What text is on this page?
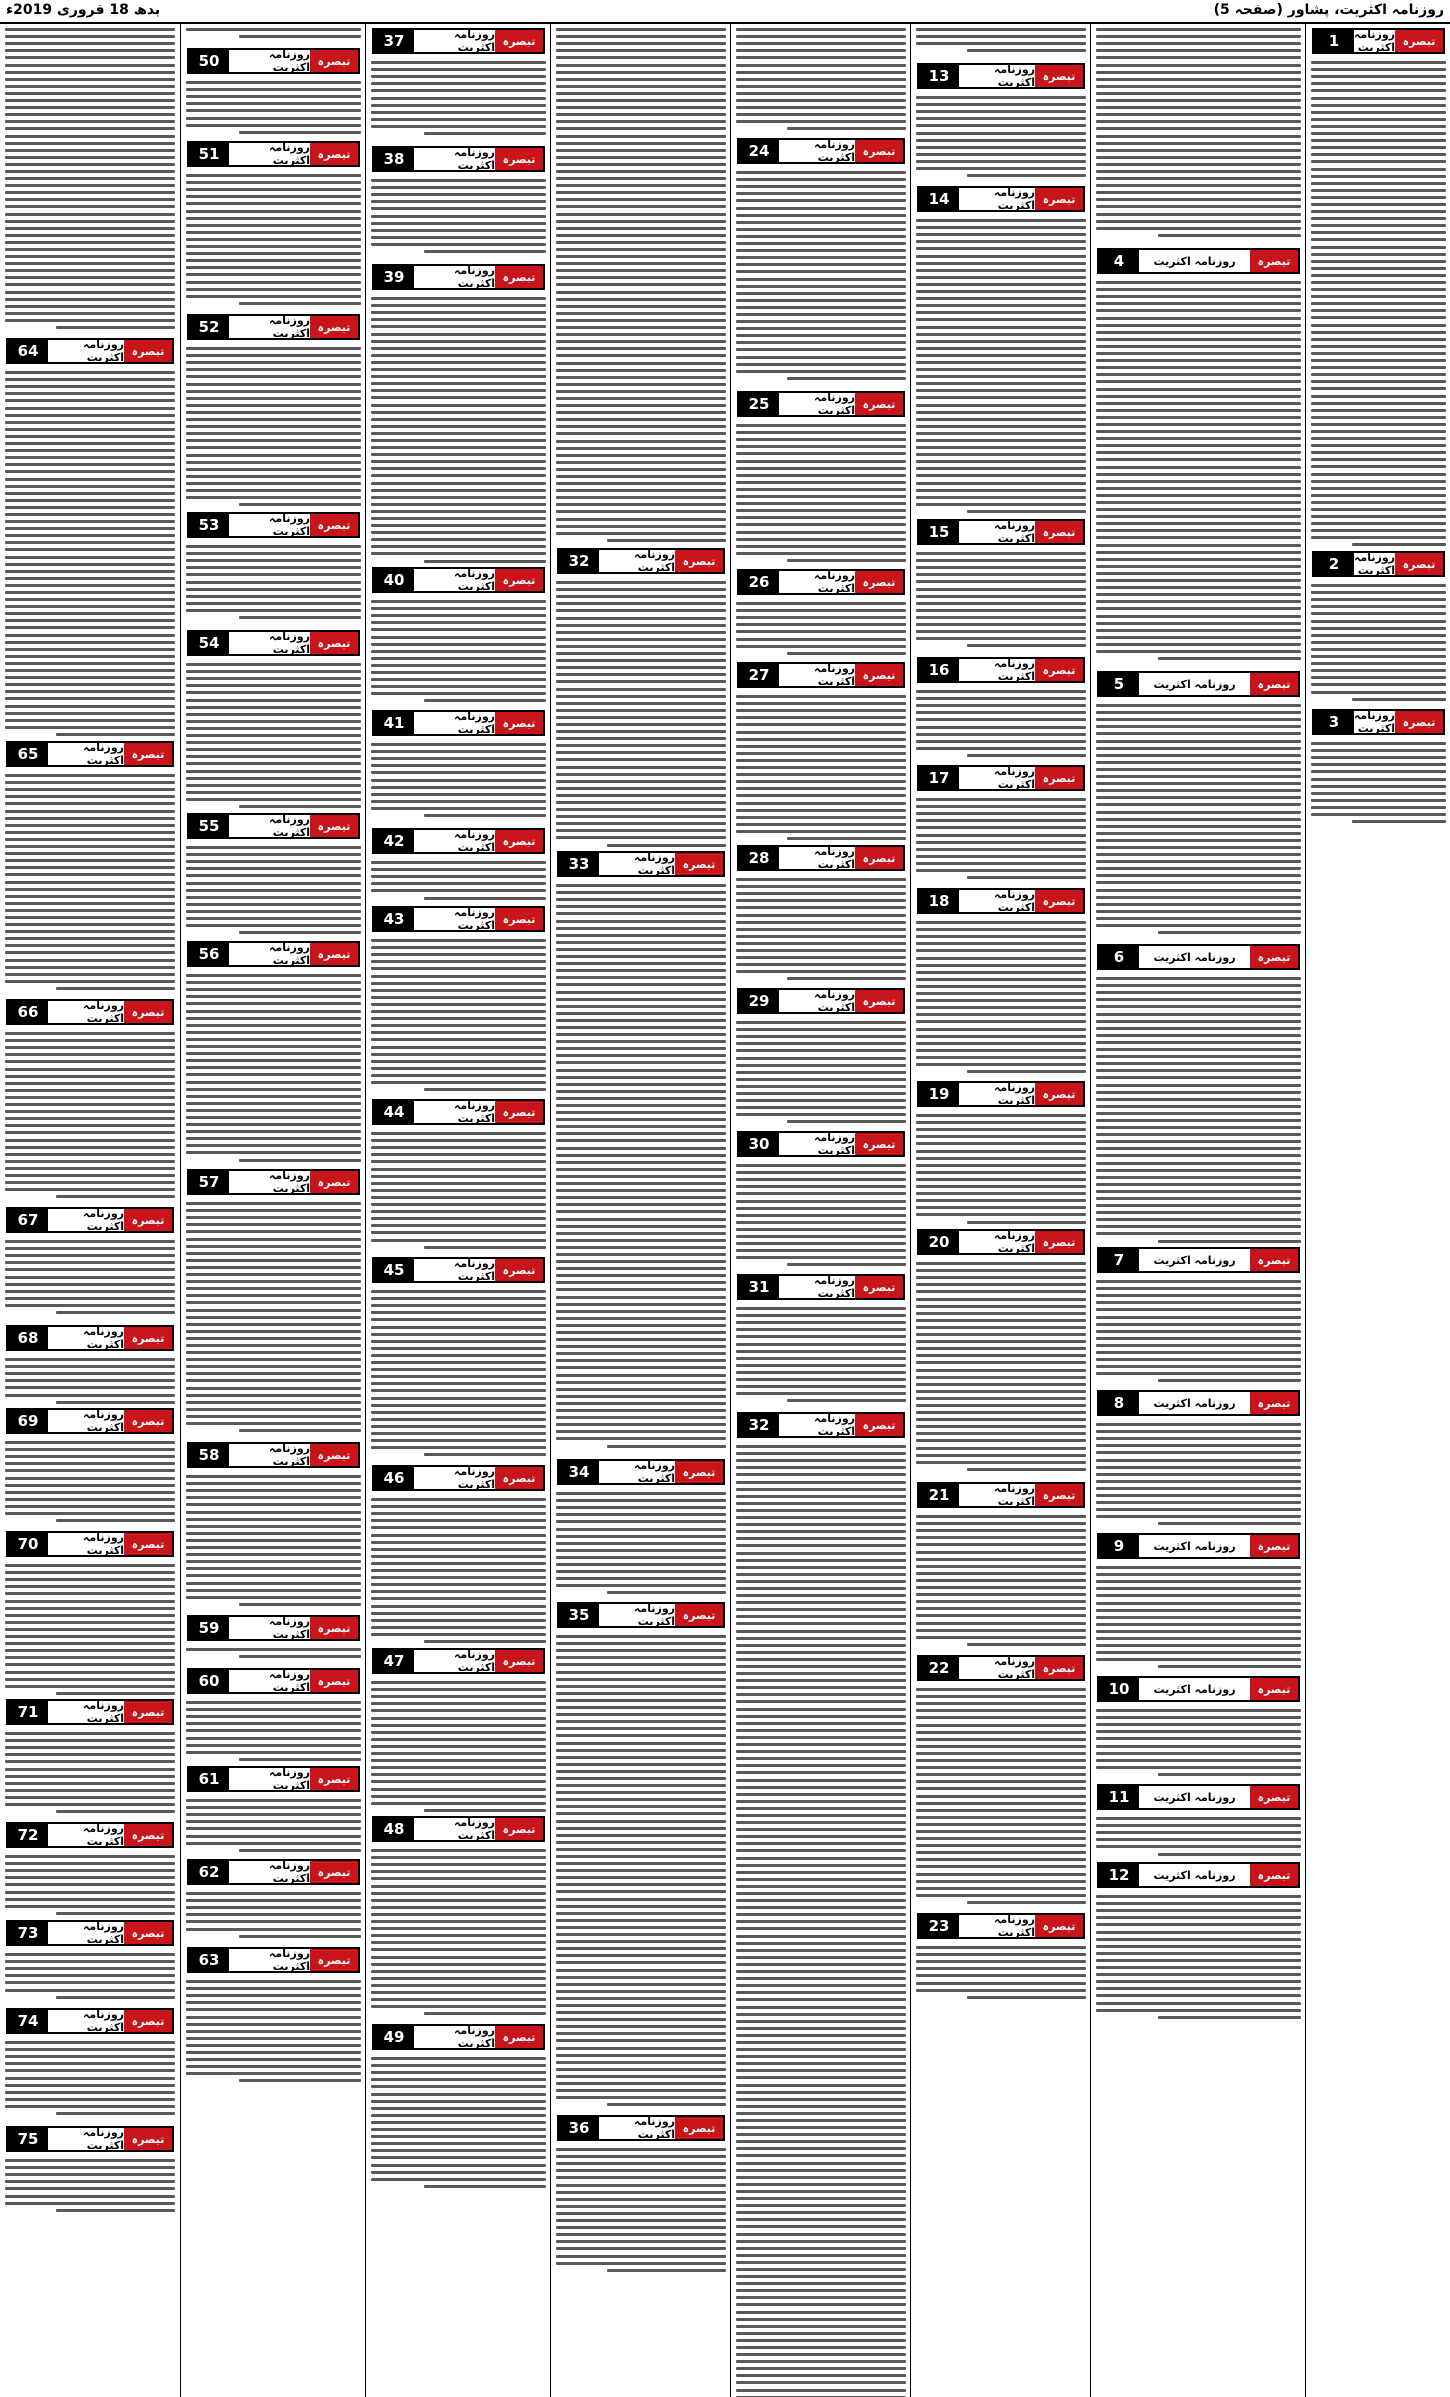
روزنامہ اکثریت، پشاور (صفحہ 5)
بدھ 18 فروری 2019ء
1	روزنامہ اکثریت تبصرہ
2	روزنامہ اکثریت تبصرہ
3	روزنامہ اکثریت تبصرہ
4	روزنامہ اکثریت	تبصرہ
5	روزنامہ اکثریت	تبصرہ
6	روزنامہ اکثریت	تبصرہ
7	روزنامہ اکثریت	تبصرہ
8	روزنامہ اکثریت	تبصرہ
9	روزنامہ اکثریت	تبصرہ
10	روزنامہ اکثریت	تبصرہ
11	روزنامہ اکثریت	تبصرہ
12	روزنامہ اکثریت	تبصرہ
13	روزنامہ اکثریت تبصرہ
14	روزنامہ اکثریت تبصرہ
15	روزنامہ اکثریت تبصرہ
16	روزنامہ اکثریت تبصرہ
17	روزنامہ اکثریت تبصرہ
18	روزنامہ اکثریت تبصرہ
19	روزنامہ اکثریت تبصرہ
20	روزنامہ اکثریت تبصرہ
21	روزنامہ اکثریت تبصرہ
22	روزنامہ اکثریت تبصرہ
23	روزنامہ اکثریت تبصرہ
24	روزنامہ اکثریت تبصرہ
25	روزنامہ اکثریت تبصرہ
26	روزنامہ اکثریت تبصرہ
27	روزنامہ اکثریت تبصرہ
28	روزنامہ اکثریت تبصرہ
29	روزنامہ اکثریت تبصرہ
30	روزنامہ اکثریت تبصرہ
31	روزنامہ اکثریت تبصرہ
32	روزنامہ اکثریت تبصرہ
32	روزنامہ اکثریت تبصرہ
33	روزنامہ اکثریت تبصرہ
34	روزنامہ اکثریت تبصرہ
35	روزنامہ اکثریت تبصرہ
36	روزنامہ اکثریت تبصرہ
37	روزنامہ اکثریت تبصرہ
38	روزنامہ اکثریت تبصرہ
39	روزنامہ اکثریت تبصرہ
40	روزنامہ اکثریت تبصرہ
41	روزنامہ اکثریت تبصرہ
42	روزنامہ اکثریت تبصرہ
43	روزنامہ اکثریت تبصرہ
44	روزنامہ اکثریت تبصرہ
45	روزنامہ اکثریت تبصرہ
46	روزنامہ اکثریت تبصرہ
47	روزنامہ اکثریت تبصرہ
48	روزنامہ اکثریت تبصرہ
49	روزنامہ اکثریت تبصرہ
50	روزنامہ اکثریت تبصرہ
51	روزنامہ اکثریت تبصرہ
52	روزنامہ اکثریت تبصرہ
53	روزنامہ اکثریت تبصرہ
54	روزنامہ اکثریت تبصرہ
55	روزنامہ اکثریت تبصرہ
56	روزنامہ اکثریت تبصرہ
57	روزنامہ اکثریت تبصرہ
58	روزنامہ اکثریت تبصرہ
59	روزنامہ اکثریت تبصرہ
60	روزنامہ اکثریت تبصرہ
61	روزنامہ اکثریت تبصرہ
62	روزنامہ اکثریت تبصرہ
63	روزنامہ اکثریت تبصرہ
64	روزنامہ اکثریت تبصرہ
65	روزنامہ اکثریت تبصرہ
66	روزنامہ اکثریت تبصرہ
67	روزنامہ اکثریت تبصرہ
68	روزنامہ اکثریت تبصرہ
69	روزنامہ اکثریت تبصرہ
70	روزنامہ اکثریت تبصرہ
71	روزنامہ اکثریت تبصرہ
72	روزنامہ اکثریت تبصرہ
73	روزنامہ اکثریت تبصرہ
74	روزنامہ اکثریت تبصرہ
75	روزنامہ اکثریت تبصرہ
